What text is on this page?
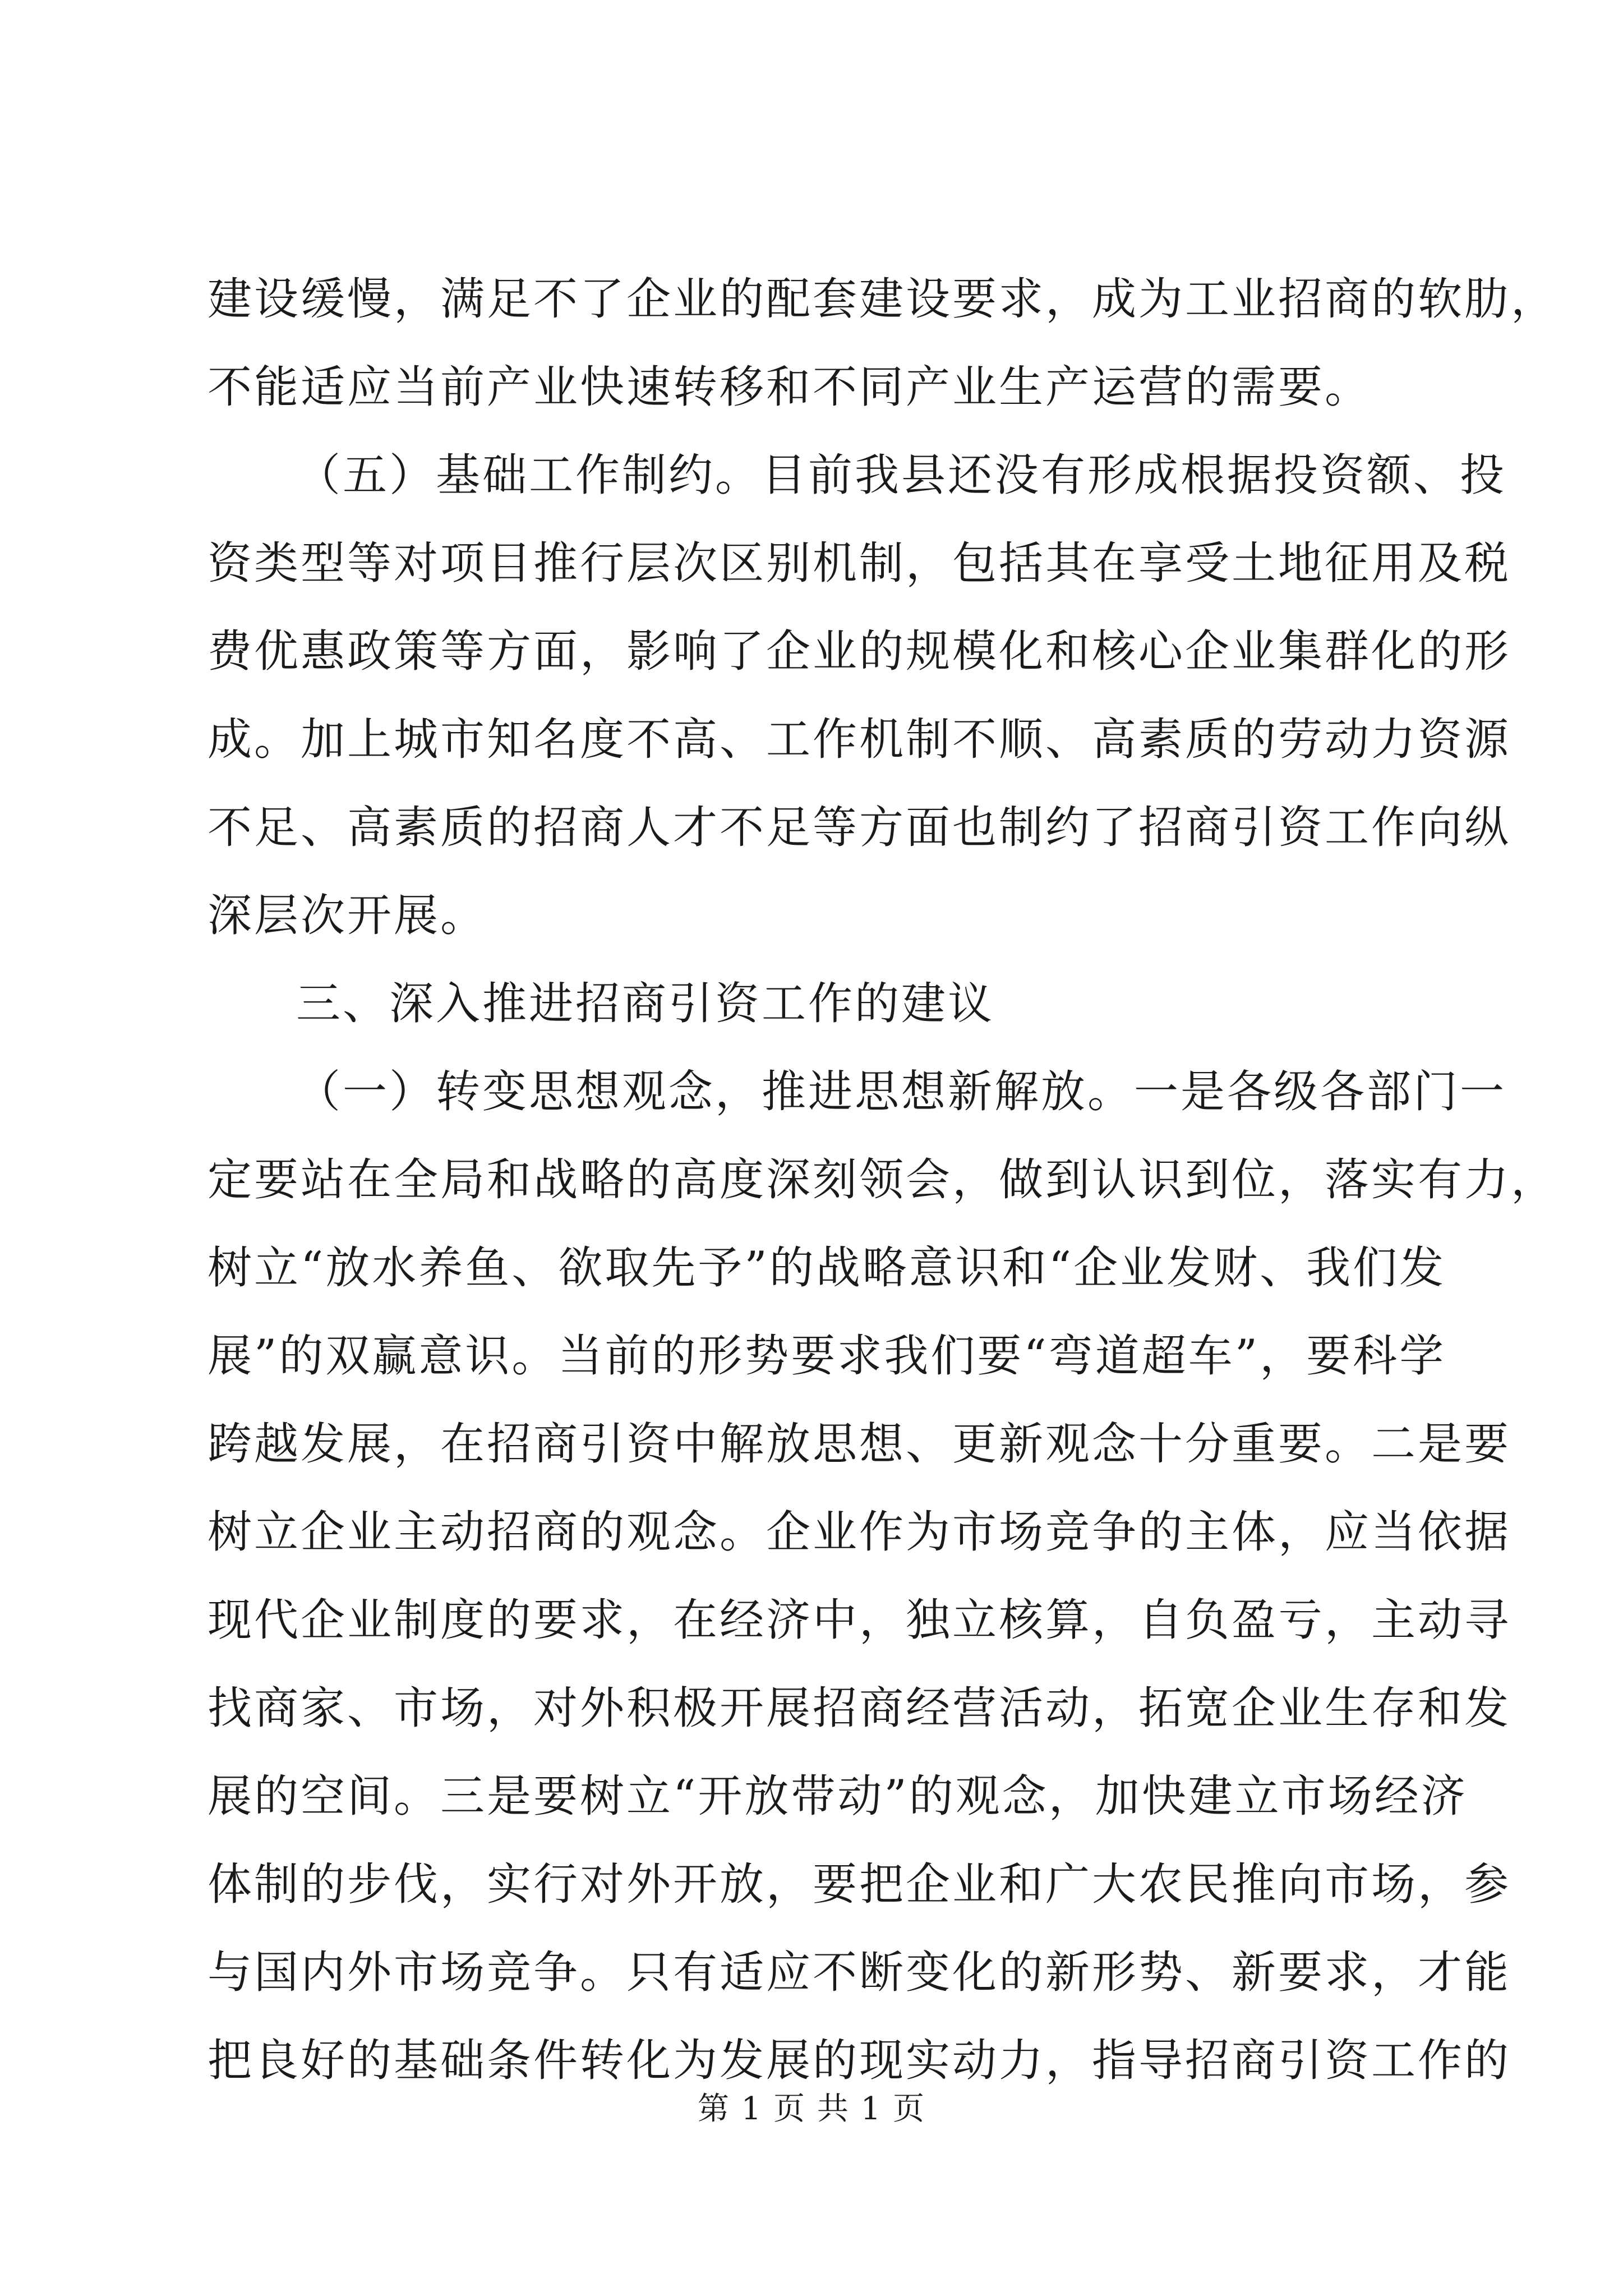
建设缓慢，满足不了企业的配套建设要求，成为工业招商的软肋，
不能适应当前产业快速转移和不同产业生产运营的需要。
（五）基础工作制约。目前我县还没有形成根据投资额、投
资类型等对项目推行层次区别机制，包括其在享受土地征用及税
费优惠政策等方面，影响了企业的规模化和核心企业集群化的形
成。加上城市知名度不高、工作机制不顺、高素质的劳动力资源
不足、高素质的招商人才不足等方面也制约了招商引资工作向纵
深层次开展。
三、深入推进招商引资工作的建议
（一）转变思想观念，推进思想新解放。一是各级各部门一
定要站在全局和战略的高度深刻领会，做到认识到位，落实有力，
树立“放水养鱼、欲取先予”的战略意识和“企业发财、我们发
展”的双赢意识。当前的形势要求我们要“弯道超车”，要科学
跨越发展，在招商引资中解放思想、更新观念十分重要。二是要
树立企业主动招商的观念。企业作为市场竞争的主体，应当依据
现代企业制度的要求，在经济中，独立核算，自负盈亏，主动寻
找商家、市场，对外积极开展招商经营活动，拓宽企业生存和发
展的空间。三是要树立“开放带动”的观念，加快建立市场经济
体制的步伐，实行对外开放，要把企业和广大农民推向市场，参
与国内外市场竞争。只有适应不断变化的新形势、新要求，才能
把良好的基础条件转化为发展的现实动力，指导招商引资工作的
第 1 页 共 1 页
